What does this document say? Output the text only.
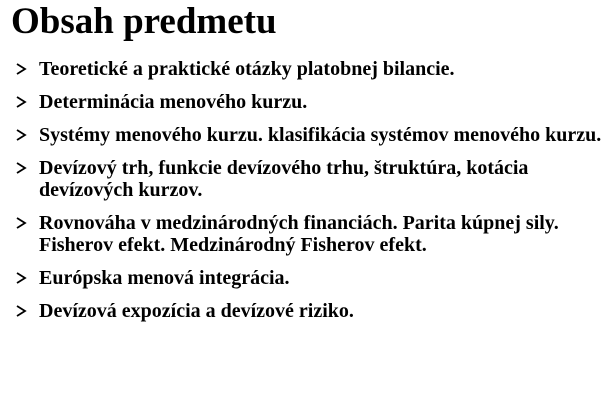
Obsah predmetu
Teoretické a praktické otázky platobnej bilancie.
Determinácia menového kurzu.
Systémy menového kurzu. klasifikácia systémov menového kurzu.
Devízový trh, funkcie devízového trhu, štruktúra, kotácia devízových kurzov.
Rovnováha v medzinárodných financiách. Parita kúpnej sily. Fisherov efekt. Medzinárodný Fisherov efekt.
Európska menová integrácia.
Devízová expozícia a devízové riziko.
